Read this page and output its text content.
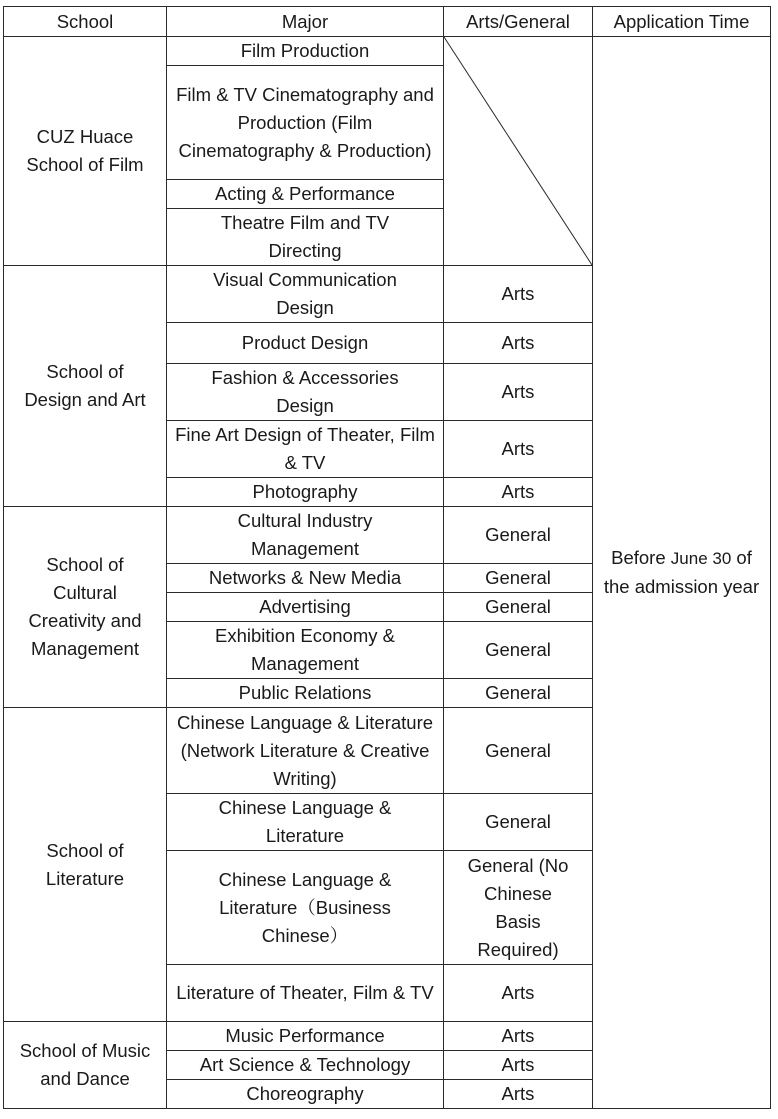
School	Major	Arts/General	Application Time
CUZ Huace School of Film	Film Production		Before June 30 of the admission year
	Film & TV Cinematography and Production (Film Cinematography & Production)		
	Acting & Performance		
	Theatre Film and TV Directing		
School of Design and Art	Visual Communication Design	Arts	
	Product Design	Arts	
	Fashion & Accessories Design	Arts	
	Fine Art Design of Theater, Film & TV	Arts	
	Photography	Arts	
School of Cultural Creativity and Management	Cultural Industry Management	General	
	Networks & New Media	General	
	Advertising	General	
	Exhibition Economy & Management	General	
	Public Relations	General	
School of Literature	Chinese Language & Literature (Network Literature & Creative Writing)	General	
	Chinese Language & Literature	General	
	Chinese Language & Literature（Business Chinese）	General (No Chinese Basis Required)	
	Literature of Theater, Film & TV	Arts	
School of Music and Dance	Music Performance	Arts	
	Art Science & Technology	Arts	
	Choreography	Arts	
